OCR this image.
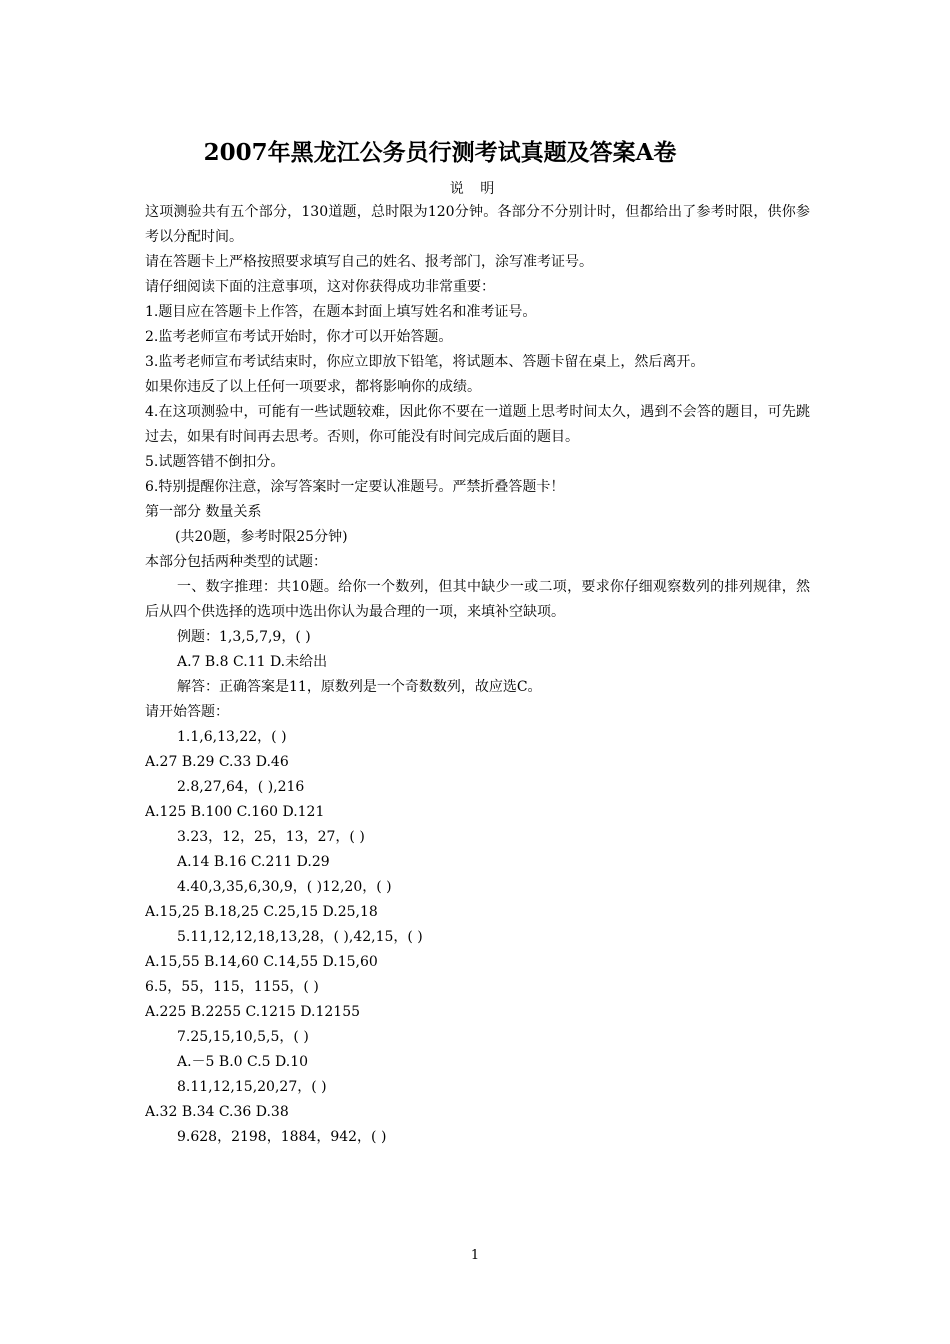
2007年黑龙江公务员行测考试真题及答案A卷
说 明
这项测验共有五个部分，130道题，总时限为120分钟。各部分不分别计时，但都给出了参考时限，供你参考以分配时间。
请在答题卡上严格按照要求填写自己的姓名、报考部门，涂写准考证号。
请仔细阅读下面的注意事项，这对你获得成功非常重要：
1.题目应在答题卡上作答，在题本封面上填写姓名和准考证号。
2.监考老师宣布考试开始时，你才可以开始答题。
3.监考老师宣布考试结束时，你应立即放下铅笔，将试题本、答题卡留在桌上，然后离开。
如果你违反了以上任何一项要求，都将影响你的成绩。
4.在这项测验中，可能有一些试题较难，因此你不要在一道题上思考时间太久，遇到不会答的题目，可先跳过去，如果有时间再去思考。否则，你可能没有时间完成后面的题目。
5.试题答错不倒扣分。
6.特别提醒你注意，涂写答案时一定要认准题号。严禁折叠答题卡！
第一部分 数量关系
(共20题，参考时限25分钟)
本部分包括两种类型的试题：
一、数字推理：共10题。给你一个数列，但其中缺少一或二项，要求你仔细观察数列的排列规律，然后从四个供选择的选项中选出你认为最合理的一项，来填补空缺项。
例题：1,3,5,7,9，( )
A.7 B.8 C.11 D.未给出
解答：正确答案是11，原数列是一个奇数数列，故应选C。
请开始答题：
1.1,6,13,22，( )
A.27 B.29 C.33 D.46
2.8,27,64，( ),216
A.125 B.100 C.160 D.121
3.23，12，25，13，27，( )
A.14 B.16 C.211 D.29
4.40,3,35,6,30,9，( )12,20，( )
A.15,25 B.18,25 C.25,15 D.25,18
5.11,12,12,18,13,28，( ),42,15，( )
A.15,55 B.14,60 C.14,55 D.15,60
6.5，55，115，1155，( )
A.225 B.2255 C.1215 D.12155
7.25,15,10,5,5，( )
A.－5 B.0 C.5 D.10
8.11,12,15,20,27，( )
A.32 B.34 C.36 D.38
9.628，2198，1884，942，( )
1
